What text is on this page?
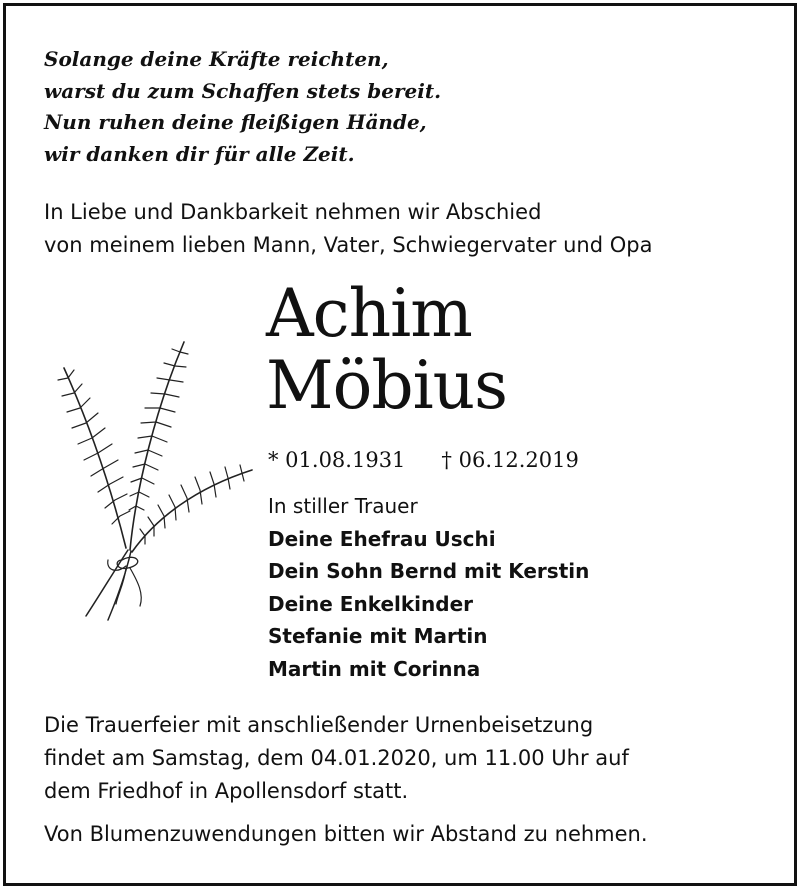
Solange deine Kräfte reichten,
warst du zum Schaffen stets bereit.
Nun ruhen deine fleißigen Hände,
wir danken dir für alle Zeit.
In Liebe und Dankbarkeit nehmen wir Abschied
von meinem lieben Mann, Vater, Schwiegervater und Opa
Achim
Möbius
* 01.08.1931 † 06.12.2019
In stiller Trauer
Deine Ehefrau Uschi
Dein Sohn Bernd mit Kerstin
Deine Enkelkinder
Stefanie mit Martin
Martin mit Corinna
Die Trauerfeier mit anschließender Urnenbeisetzung
findet am Samstag, dem 04.01.2020, um 11.00 Uhr auf
dem Friedhof in Apollensdorf statt.
Von Blumenzuwendungen bitten wir Abstand zu nehmen.
